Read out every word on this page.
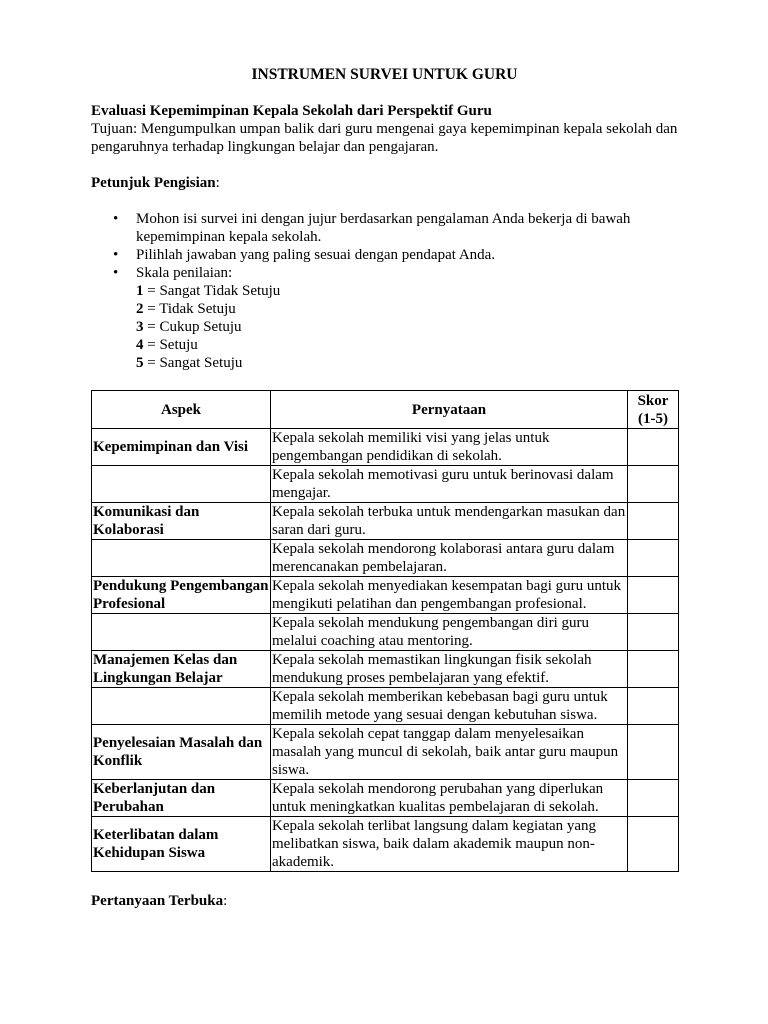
INSTRUMEN SURVEI UNTUK GURU
Evaluasi Kepemimpinan Kepala Sekolah dari Perspektif Guru
Tujuan: Mengumpulkan umpan balik dari guru mengenai gaya kepemimpinan kepala sekolah dan pengaruhnya terhadap lingkungan belajar dan pengajaran.
Petunjuk Pengisian:
• Mohon isi survei ini dengan jujur berdasarkan pengalaman Anda bekerja di bawah kepemimpinan kepala sekolah.
• Pilihlah jawaban yang paling sesuai dengan pendapat Anda.
• Skala penilaian:
1 = Sangat Tidak Setuju
2 = Tidak Setuju
3 = Cukup Setuju
4 = Setuju
5 = Sangat Setuju
Aspek	Pernyataan	Skor (1-5)
Kepemimpinan dan Visi	Kepala sekolah memiliki visi yang jelas untuk pengembangan pendidikan di sekolah.	
	Kepala sekolah memotivasi guru untuk berinovasi dalam mengajar.	
Komunikasi dan Kolaborasi	Kepala sekolah terbuka untuk mendengarkan masukan dan saran dari guru.	
	Kepala sekolah mendorong kolaborasi antara guru dalam merencanakan pembelajaran.	
Pendukung Pengembangan Profesional	Kepala sekolah menyediakan kesempatan bagi guru untuk mengikuti pelatihan dan pengembangan profesional.	
	Kepala sekolah mendukung pengembangan diri guru melalui coaching atau mentoring.	
Manajemen Kelas dan Lingkungan Belajar	Kepala sekolah memastikan lingkungan fisik sekolah mendukung proses pembelajaran yang efektif.	
	Kepala sekolah memberikan kebebasan bagi guru untuk memilih metode yang sesuai dengan kebutuhan siswa.	
Penyelesaian Masalah dan Konflik	Kepala sekolah cepat tanggap dalam menyelesaikan masalah yang muncul di sekolah, baik antar guru maupun siswa.	
Keberlanjutan dan Perubahan	Kepala sekolah mendorong perubahan yang diperlukan untuk meningkatkan kualitas pembelajaran di sekolah.	
Keterlibatan dalam Kehidupan Siswa	Kepala sekolah terlibat langsung dalam kegiatan yang melibatkan siswa, baik dalam akademik maupun non-akademik.	
Pertanyaan Terbuka:
